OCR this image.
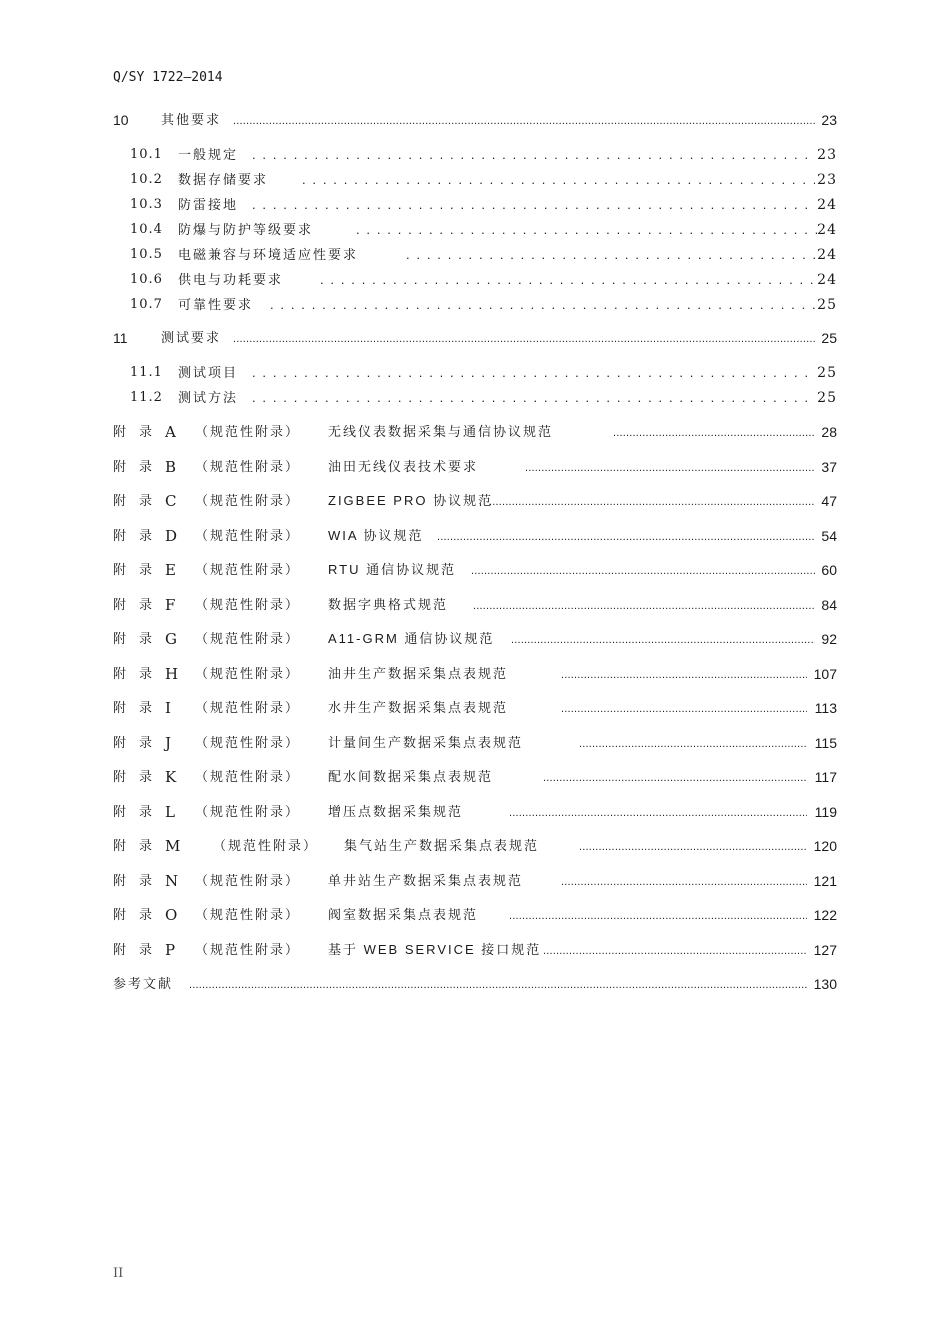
Q/SY 1722—2014
10 其他要求 .....	23
10.1 一般规定 . . .	23
10.2 数据存储要求 . . .	23
10.3 防雷接地 . . .	24
10.4 防爆与防护等级要求 . . .	24
10.5 电磁兼容与环境适应性要求 . . .	24
10.6 供电与功耗要求 . . .	24
10.7 可靠性要求 . . .	25
11	测试要求 .....	25
11.1 测试项目 . . .	25
11.2 测试方法 . . .	25
附 录 A （规范性附录） 无线仪表数据采集与通信协议规范 .....	28
附 录 B （规范性附录） 油田无线仪表技术要求 .....	37
附 录 C （规范性附录） ZIGBEE PRO 协议规范 .....	47
附 录 D （规范性附录） WIA 协议规范 .....	54
附 录 E （规范性附录） RTU 通信协议规范 .....	60
附 录 F （规范性附录） 数据字典格式规范 .....	84
附 录 G （规范性附录） A11-GRM 通信协议规范 .....	92
附 录 H （规范性附录） 油井生产数据采集点表规范 .....	107
附 录 I （规范性附录） 水井生产数据采集点表规范 .....	113
附 录 J （规范性附录） 计量间生产数据采集点表规范 .....	115
附 录 K （规范性附录） 配水间数据采集点表规范 .....	117
附 录 L （规范性附录） 增压点数据采集规范 .....	119
附 录 M	（规范性附录） 集气站生产数据采集点表规范 .....	120
附 录 N （规范性附录） 单井站生产数据采集点表规范 .....	121
附 录 O （规范性附录） 阀室数据采集点表规范 .....	122
附 录 P （规范性附录） 基于 WEB SERVICE 接口规范 .....	127
参考文献 .....	130
II
